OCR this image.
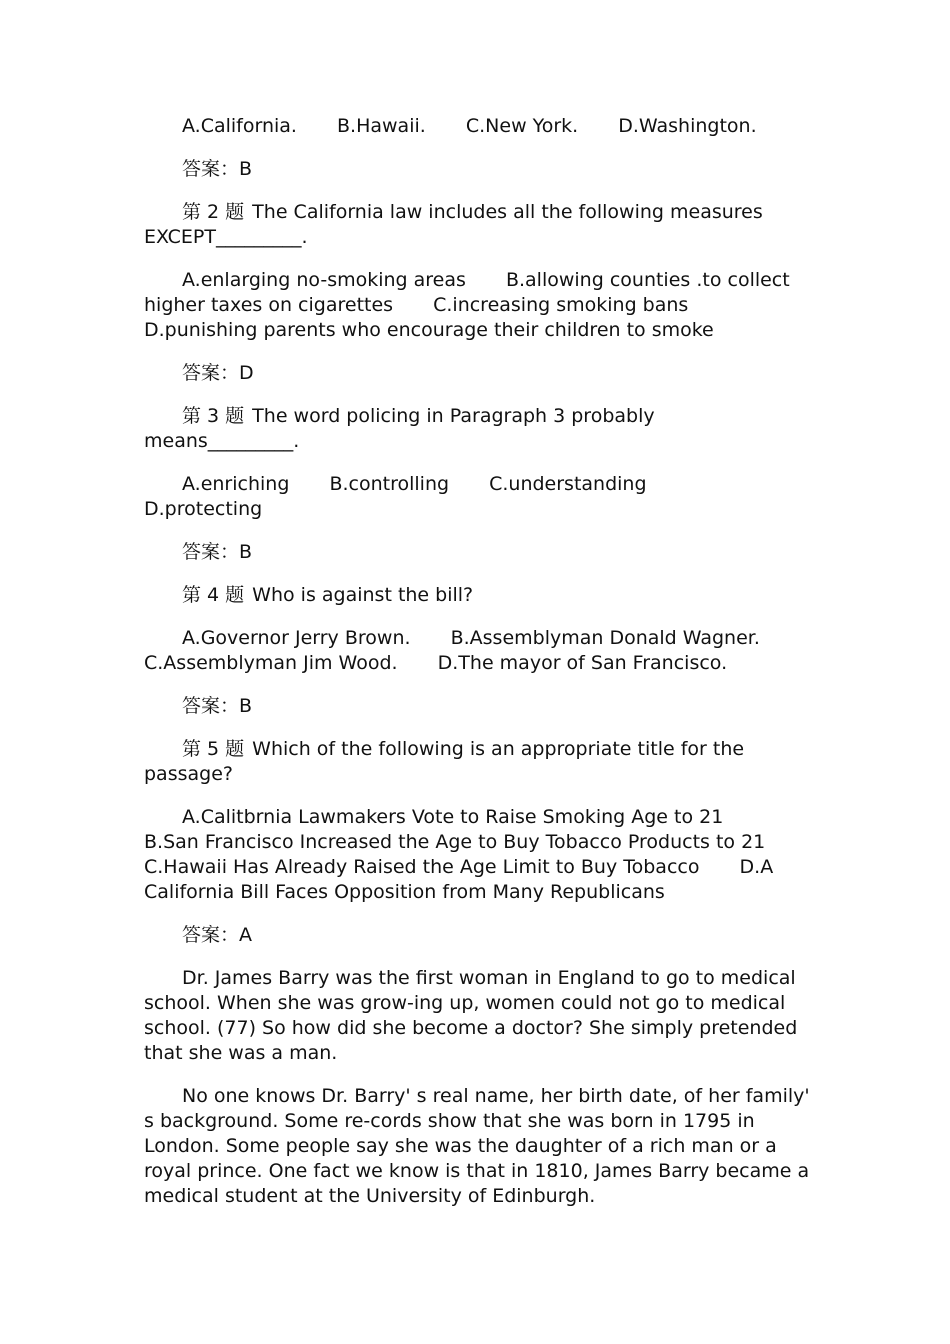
A.California. B.Hawaii. C.New York. D.Washington.

答案：B

第 2 题 The California law includes all the following measures EXCEPT_________.

A.enlarging no-smoking areas B.allowing counties .to collect higher taxes on cigarettes C.increasing smoking bans D.punishing parents who encourage their children to smoke

答案：D

第 3 题 The word policing in Paragraph 3 probably means_________.

A.enriching B.controlling C.understanding D.protecting

答案：B

第 4 题 Who is against the bill?

A.Governor Jerry Brown. B.Assemblyman Donald Wagner. C.Assemblyman Jim Wood. D.The mayor of San Francisco.

答案：B

第 5 题 Which of the following is an appropriate title for the passage?

A.Calitbrnia Lawmakers Vote to Raise Smoking Age to 21 B.San Francisco Increased the Age to Buy Tobacco Products to 21 C.Hawaii Has Already Raised the Age Limit to Buy Tobacco D.A California Bill Faces Opposition from Many Republicans

答案：A

Dr. James Barry was the first woman in England to go to medical school. When she was grow-ing up, women could not go to medical school. (77) So how did she become a doctor? She simply pretended that she was a man.

No one knows Dr. Barry' s real name, her birth date, of her family' s background. Some re-cords show that she was born in 1795 in London. Some people say she was the daughter of a rich man or a royal prince. One fact we know is that in 1810, James Barry became a medical student at the University of Edinburgh.
